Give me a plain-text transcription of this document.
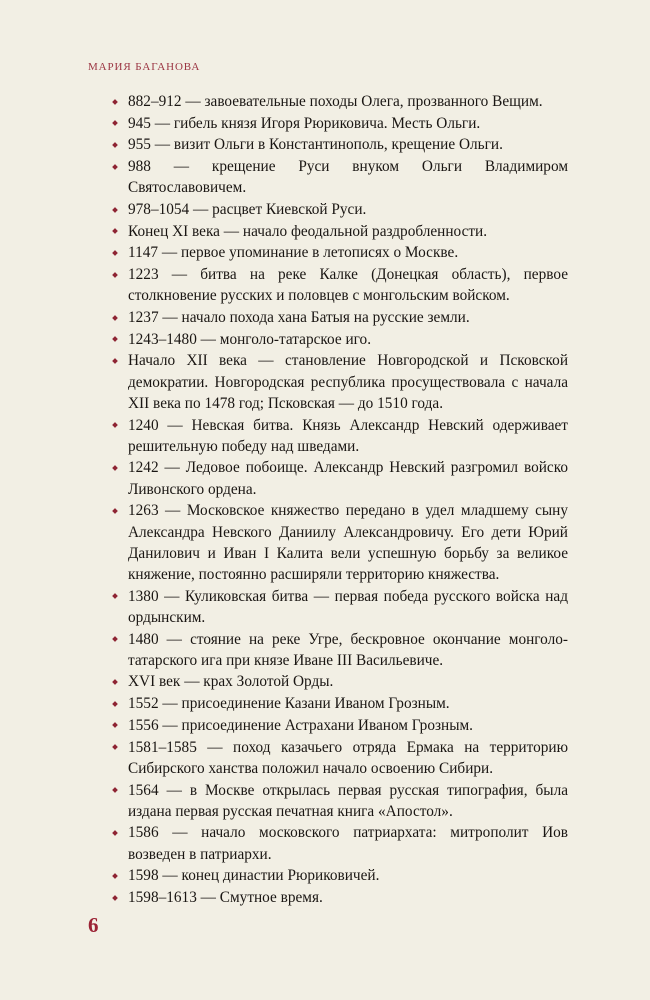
МАРИЯ БАГАНОВА
882–912 — завоевательные походы Олега, прозванного Вещим.
945 — гибель князя Игоря Рюриковича. Месть Ольги.
955 — визит Ольги в Константинополь, крещение Ольги.
988 — крещение Руси внуком Ольги Владимиром Святославовичем.
978–1054 — расцвет Киевской Руси.
Конец XI века — начало феодальной раздробленности.
1147 — первое упоминание в летописях о Москве.
1223 — битва на реке Калке (Донецкая область), первое столкновение русских и половцев с монгольским войском.
1237 — начало похода хана Батыя на русские земли.
1243–1480 — монголо-татарское иго.
Начало XII века — становление Новгородской и Псковской демократии. Новгородская республика просуществовала с начала XII века по 1478 год; Псковская — до 1510 года.
1240 — Невская битва. Князь Александр Невский одерживает решительную победу над шведами.
1242 — Ледовое побоище. Александр Невский разгромил войско Ливонского ордена.
1263 — Московское княжество передано в удел младшему сыну Александра Невского Даниилу Александровичу. Его дети Юрий Данилович и Иван I Калита вели успешную борьбу за великое княжение, постоянно расширяли территорию княжества.
1380 — Куликовская битва — первая победа русского войска над ордынским.
1480 — стояние на реке Угре, бескровное окончание монголо-татарского ига при князе Иване III Васильевиче.
XVI век — крах Золотой Орды.
1552 — присоединение Казани Иваном Грозным.
1556 — присоединение Астрахани Иваном Грозным.
1581–1585 — поход казачьего отряда Ермака на территорию Сибирского ханства положил начало освоению Сибири.
1564 — в Москве открылась первая русская типография, была издана первая русская печатная книга «Апостол».
1586 — начало московского патриархата: митрополит Иов возведен в патриархи.
1598 — конец династии Рюриковичей.
1598–1613 — Смутное время.
6
